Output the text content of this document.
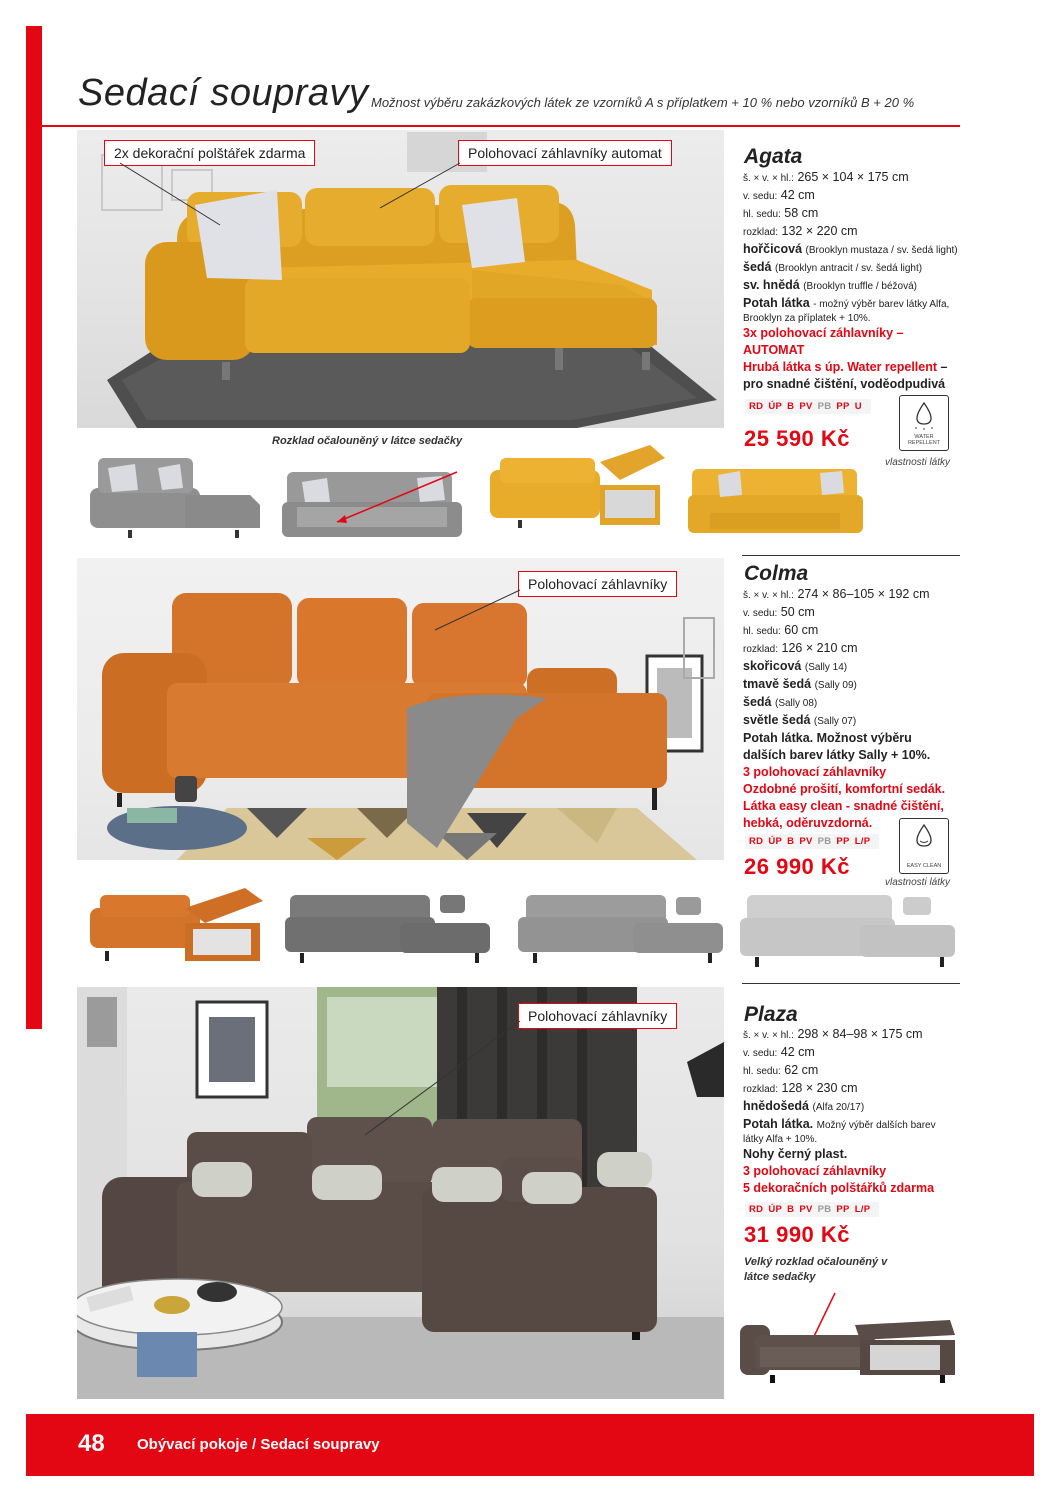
Sedací soupravy Možnost výběru zakázkových látek ze vzorníků A s příplatkem + 10 % nebo vzorníků B + 20 %
2x dekorační polštářek zdarma	Polohovací záhlavníky automat	Agata
š. × v. × hl.: 265 × 104 × 175 cm
v. sedu: 42 cm
hl. sedu: 58 cm
rozklad: 132 × 220 cm
hořčicová (Brooklyn mustaza / sv. šedá light)
šedá (Brooklyn antracit / sv. šedá light)
sv. hnědá (Brooklyn truffle / béžová)
Potah látka - možný výběr barev látky Alfa, Brooklyn za příplatek + 10%.
3x polohovací záhlavníky – AUTOMAT
Hrubá látka s úp. Water repellent – pro snadné čištění, voděodpudivá
RD ÚP B PV PB PP U
25 590 Kč	WATER REPELLENT
vlastnosti látky
Rozklad očalouněný v látce sedačky
Polohovací záhlavníky	Colma
š. × v. × hl.: 274 × 86–105 × 192 cm
v. sedu: 50 cm
hl. sedu: 60 cm
rozklad: 126 × 210 cm
skořicová (Sally 14)
tmavě šedá (Sally 09)
šedá (Sally 08)
světle šedá (Sally 07)
Potah látka. Možnost výběru dalších barev látky Sally + 10%.
3 polohovací záhlavníky
Ozdobné prošití, komfortní sedák.
Látka easy clean - snadné čištění, hebká, oděruvzdorná.
RD ÚP B PV PB PP L/P
26 990 Kč	EASY CLEAN
vlastnosti látky
Polohovací záhlavníky	Plaza
š. × v. × hl.: 298 × 84–98 × 175 cm
v. sedu: 42 cm
hl. sedu: 62 cm
rozklad: 128 × 230 cm
hnědošedá (Alfa 20/17)
Potah látka. Možný výběr dalších barev látky Alfa + 10%.
Nohy černý plast.
3 polohovací záhlavníky
5 dekoračních polštářků zdarma
RD ÚP B PV PB PP L/P
31 990 Kč
Velký rozklad očalouněný v látce sedačky
48 Obývací pokoje / Sedací soupravy
